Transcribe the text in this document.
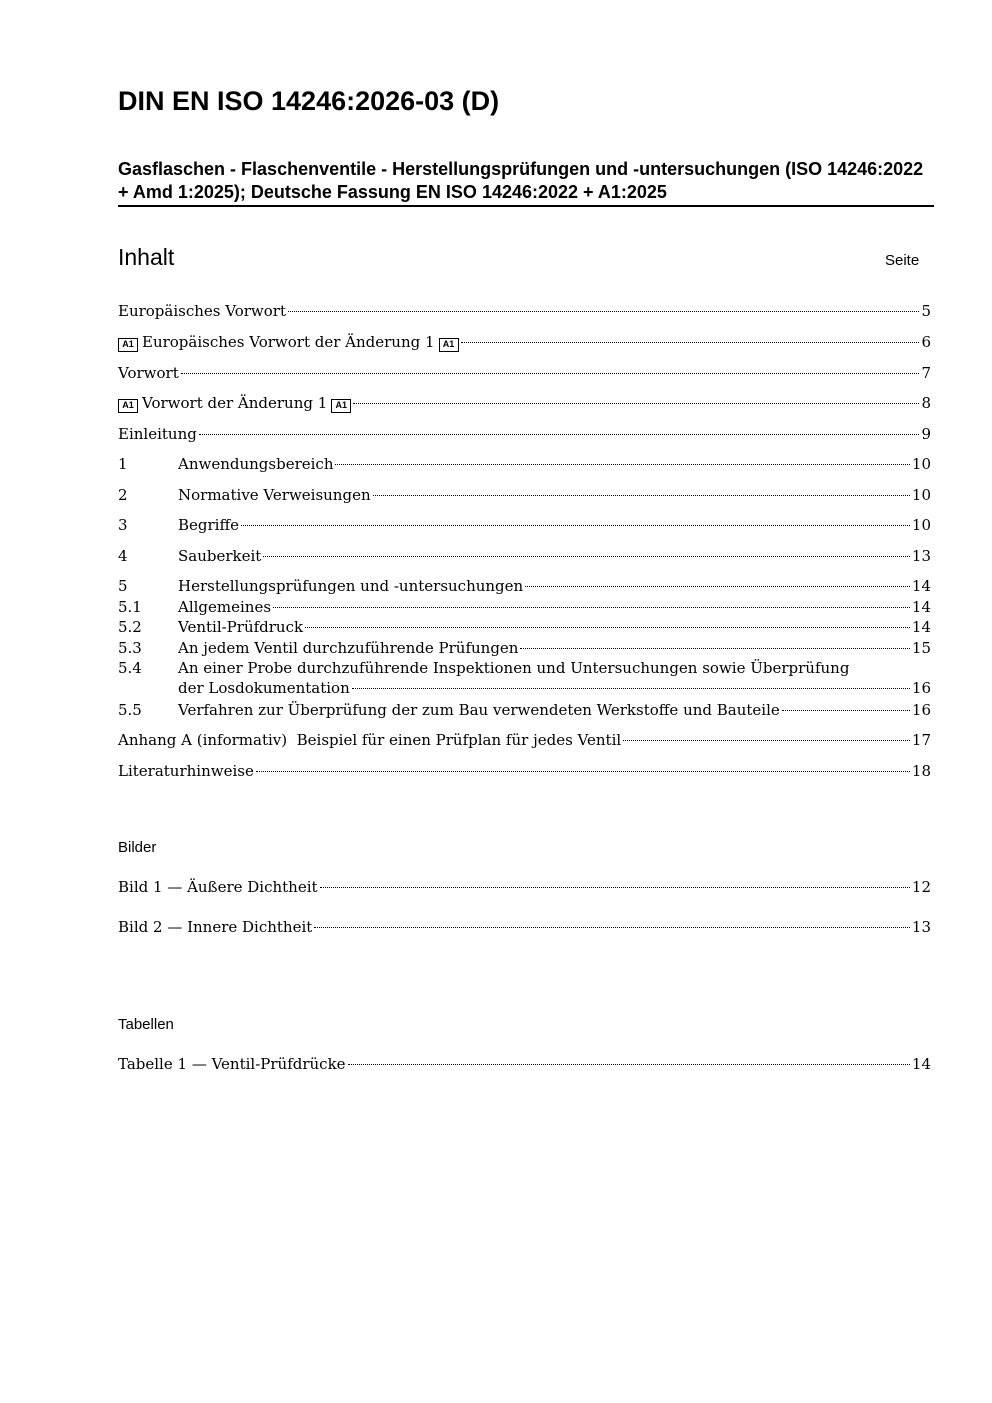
DIN EN ISO 14246:2026-03 (D)
Gasflaschen - Flaschenventile - Herstellungsprüfungen und -untersuchungen (ISO 14246:2022 + Amd 1:2025); Deutsche Fassung EN ISO 14246:2022 + A1:2025
Inhalt	Seite
Europäisches Vorwort	5
A1 Europäisches Vorwort der Änderung 1 A1	6
Vorwort	7
A1 Vorwort der Änderung 1 A1	8
Einleitung	9
1	Anwendungsbereich	10
2	Normative Verweisungen	10
3	Begriffe	10
4	Sauberkeit	13
5	Herstellungsprüfungen und -untersuchungen	14
5.1	Allgemeines	14
5.2	Ventil-Prüfdruck	14
5.3	An jedem Ventil durchzuführende Prüfungen	15
5.4 An einer Probe durchzuführende Inspektionen und Untersuchungen sowie Überprüfung
der Losdokumentation	16
5.5	Verfahren zur Überprüfung der zum Bau verwendeten Werkstoffe und Bauteile	16
Anhang A (informativ)  Beispiel für einen Prüfplan für jedes Ventil	17
Literaturhinweise	18
Bilder
Bild 1 — Äußere Dichtheit	12
Bild 2 — Innere Dichtheit	13
Tabellen
Tabelle 1 — Ventil-Prüfdrücke	14
